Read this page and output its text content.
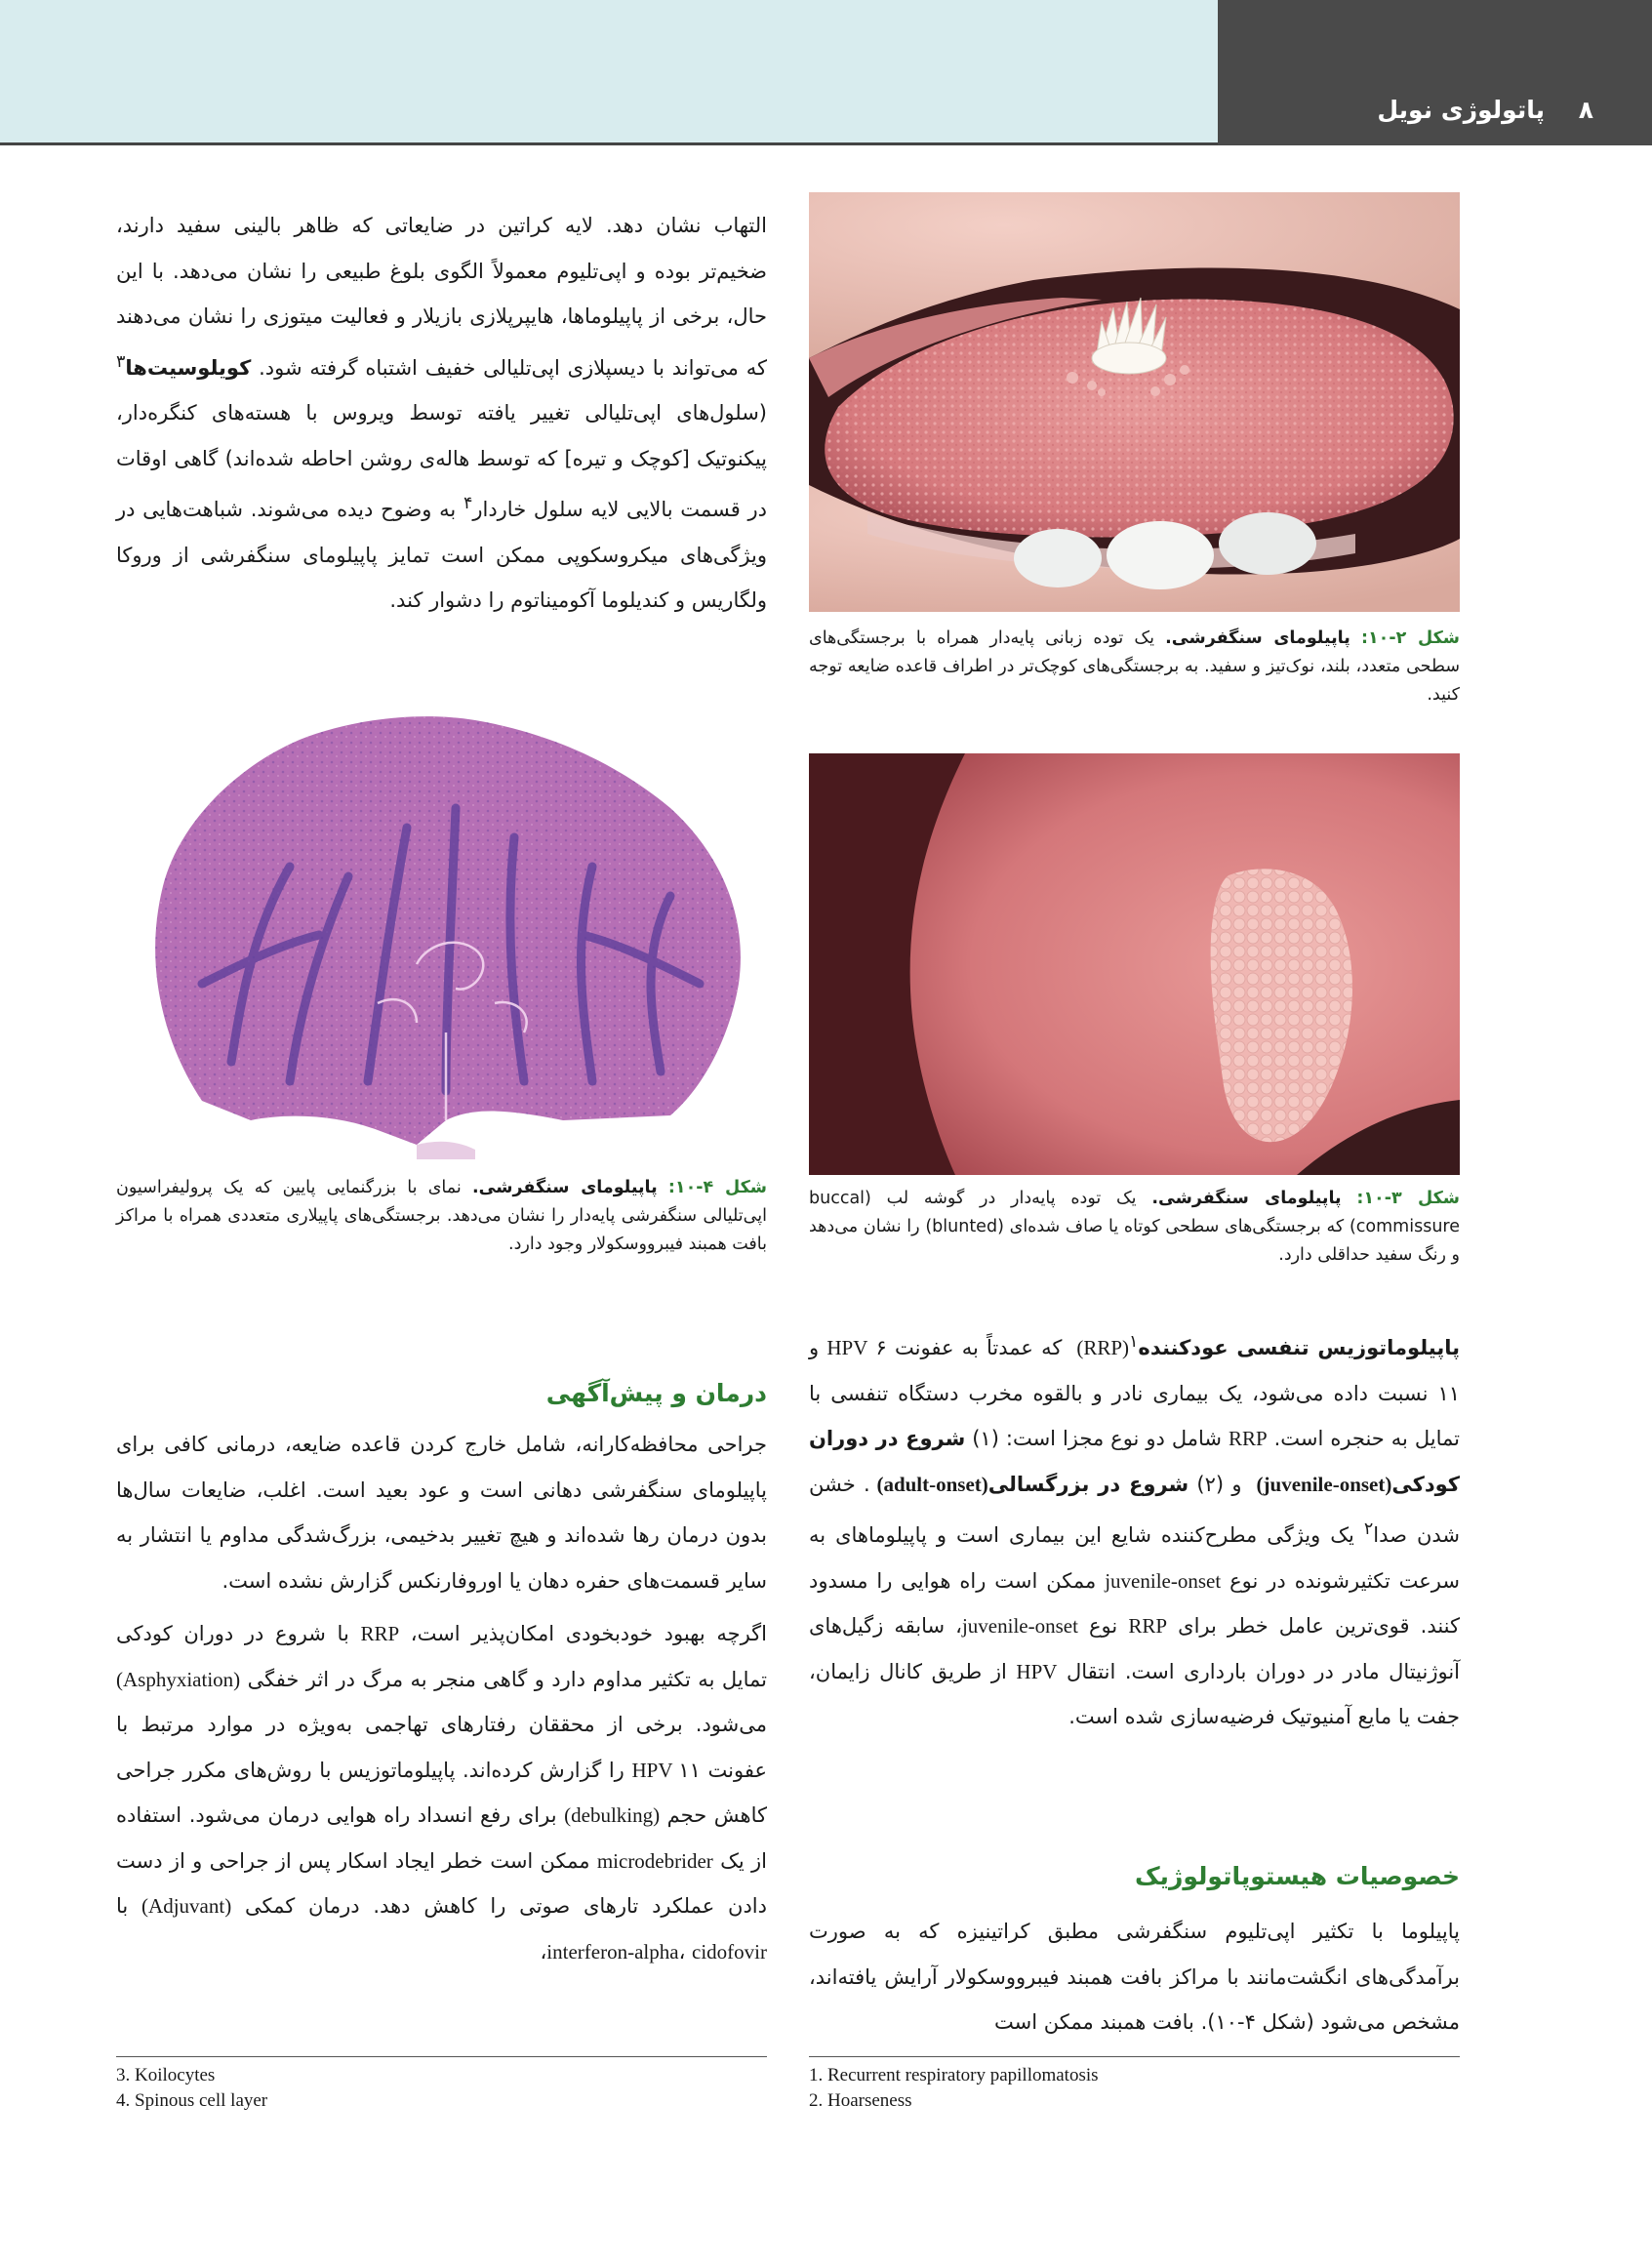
پاتولوژی نویل ۸
شکل ۲-۱۰: پاپیلومای سنگفرشی. یک توده زبانی پایه‌دار همراه با برجستگی‌های سطحی متعدد، بلند، نوک‌تیز و سفید. به برجستگی‌های کوچک‌تر در اطراف قاعده ضایعه توجه کنید.
شکل ۳-۱۰: پاپیلومای سنگفرشی. یک توده پایه‌دار در گوشه لب (buccal commissure) که برجستگی‌های سطحی کوتاه یا صاف شده‌ای (blunted) را نشان می‌دهد و رنگ سفید حداقلی دارد.

پاپیلوماتوزیس تنفسی عودکننده (RRP)$^۱$ که عمدتاً به عفونت HPV ۶ و ۱۱ نسبت داده می‌شود، یک بیماری نادر و بالقوه مخرب دستگاه تنفسی با تمایل به حنجره است. RRP شامل دو نوع مجزا است: (۱) شروع در دوران کودکی (juvenile-onset) و (۲) شروع در بزرگسالی (adult-onset). خشن شدن صدا$^۲$ یک ویژگی مطرح‌کننده شایع این بیماری است و پاپیلوماهای به سرعت تکثیرشونده در نوع juvenile-onset ممکن است راه هوایی را مسدود کنند. قوی‌ترین عامل خطر برای RRP نوع juvenile-onset، سابقه زگیل‌های آنوژنیتال مادر در دوران بارداری است. انتقال HPV از طریق کانال زایمان، جفت یا مایع آمنیوتیک فرضیه‌سازی شده است.

خصوصیات هیستوپاتولوژیک

پاپیلوما با تکثیر اپی‌تلیوم سنگفرشی مطبق کراتینیزه که به صورت برآمدگی‌های انگشت‌مانند با مراکز بافت همبند فیبرووسکولار آرایش یافته‌اند، مشخص می‌شود (شکل ۴-۱۰). بافت همبند ممکن است

1. Recurrent respiratory papillomatosis
2. Hoarseness

التهاب نشان دهد. لایه کراتین در ضایعاتی که ظاهر بالینی سفید دارند، ضخیم‌تر بوده و اپی‌تلیوم معمولاً الگوی بلوغ طبیعی را نشان می‌دهد. با این حال، برخی از پاپیلوماها، هایپرپلازی بازیلار و فعالیت میتوزی را نشان می‌دهند که می‌تواند با دیسپلازی اپی‌تلیالی خفیف اشتباه گرفته شود. کویلوسیت‌ها$^۳$ (سلول‌های اپی‌تلیالی تغییر یافته توسط ویروس با هسته‌های کنگره‌دار، پیکنوتیک [کوچک و تیره] که توسط هاله‌ی روشن احاطه شده‌اند) گاهی اوقات در قسمت بالایی لایه سلول خاردار$^۴$ به وضوح دیده می‌شوند. شباهت‌هایی در ویژگی‌های میکروسکوپی ممکن است تمایز پاپیلومای سنگفرشی از وروکا ولگاریس و کندیلوما آکومیناتوم را دشوار کند.

شکل ۴-۱۰: پاپیلومای سنگفرشی. نمای با بزرگنمایی پایین که یک پرولیفراسیون اپی‌تلیالی سنگفرشی پایه‌دار را نشان می‌دهد. برجستگی‌های پاپیلاری متعددی همراه با مراکز بافت همبند فیبرووسکولار وجود دارد.
درمان و پیش‌آگهی

جراحی محافظه‌کارانه، شامل خارج کردن قاعده ضایعه، درمانی کافی برای پاپیلومای سنگفرشی دهانی است و عود بعید است. اغلب، ضایعات سال‌ها بدون درمان رها شده‌اند و هیچ تغییر بدخیمی، بزرگ‌شدگی مداوم یا انتشار به سایر قسمت‌های حفره دهان یا اوروفارنکس گزارش نشده است.

اگرچه بهبود خودبخودی امکان‌پذیر است، RRP با شروع در دوران کودکی تمایل به تکثیر مداوم دارد و گاهی منجر به مرگ در اثر خفگی (Asphyxiation) می‌شود. برخی از محققان رفتارهای تهاجمی به‌ویژه در موارد مرتبط با عفونت HPV ۱۱ را گزارش کرده‌اند. پاپیلوماتوزیس با روش‌های مکرر جراحی کاهش حجم (debulking) برای رفع انسداد راه هوایی درمان می‌شود. استفاده از یک microdebrider ممکن است خطر ایجاد اسکار پس از جراحی و از دست دادن عملکرد تارهای صوتی را کاهش دهد. درمان کمکی (Adjuvant) با interferon-alpha، cidofovir،

3. Koilocytes
4. Spinous cell layer
